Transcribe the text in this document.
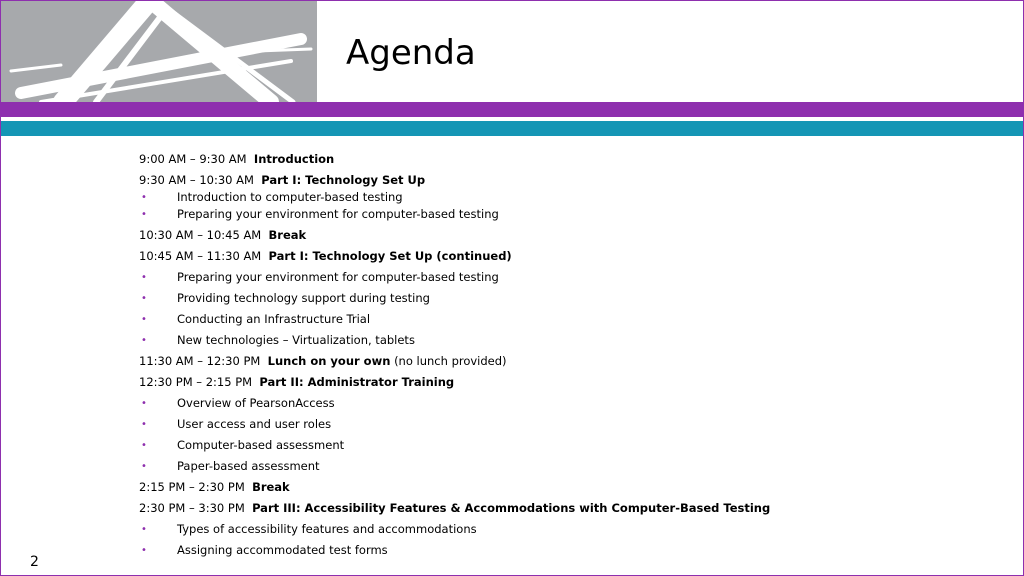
Agenda
9:00 AM – 9:30 AM Introduction
9:30 AM – 10:30 AM Part I: Technology Set Up
•	Introduction to computer-based testing
•	Preparing your environment for computer-based testing
10:30 AM – 10:45 AM Break
10:45 AM – 11:30 AM Part I: Technology Set Up (continued)
•	Preparing your environment for computer-based testing
•	Providing technology support during testing
•	Conducting an Infrastructure Trial
•	New technologies – Virtualization, tablets
11:30 AM – 12:30 PM Lunch on your own (no lunch provided)
12:30 PM – 2:15 PM Part II: Administrator Training
•	Overview of PearsonAccess
•	User access and user roles
•	Computer-based assessment
•	Paper-based assessment
2:15 PM – 2:30 PM Break
2:30 PM – 3:30 PM Part III: Accessibility Features & Accommodations with Computer-Based Testing
•	Types of accessibility features and accommodations
•	Assigning accommodated test forms
2
